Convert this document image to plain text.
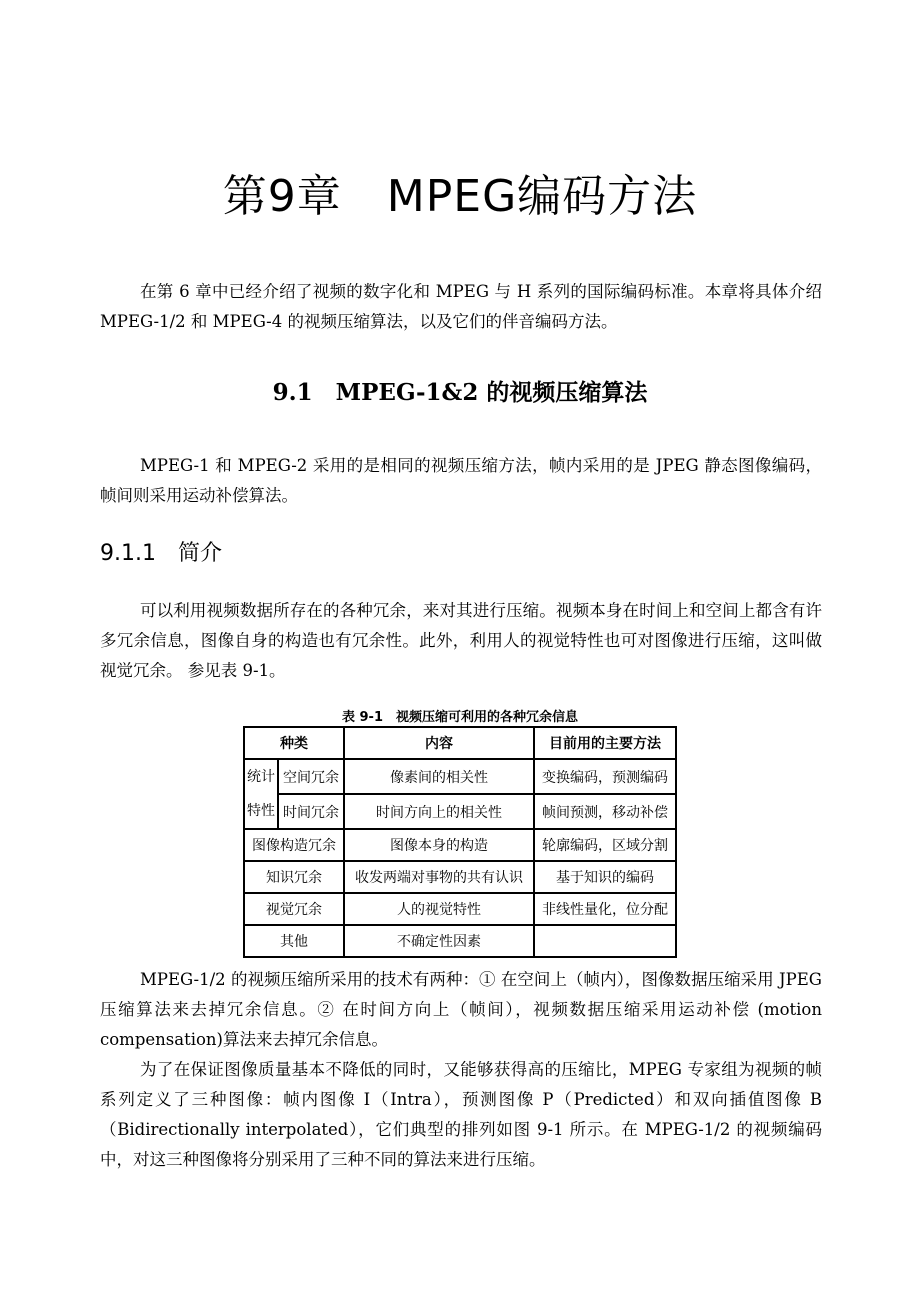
第9章　MPEG编码方法

在第 6 章中已经介绍了视频的数字化和 MPEG 与 H 系列的国际编码标准。本章将具体介绍 MPEG-1/2 和 MPEG-4 的视频压缩算法，以及它们的伴音编码方法。

9.1　MPEG-1&2 的视频压缩算法

MPEG-1 和 MPEG-2 采用的是相同的视频压缩方法，帧内采用的是 JPEG 静态图像编码，帧间则采用运动补偿算法。

9.1.1　简介

可以利用视频数据所存在的各种冗余，来对其进行压缩。视频本身在时间上和空间上都含有许多冗余信息，图像自身的构造也有冗余性。此外，利用人的视觉特性也可对图像进行压缩，这叫做视觉冗余。 参见表 9-1。

表 9-1　视频压缩可利用的各种冗余信息
种类		内容	目前用的主要方法
统计
特性	空间冗余	像素间的相关性	变换编码，预测编码
	时间冗余	时间方向上的相关性	帧间预测，移动补偿
图像构造冗余		图像本身的构造	轮廓编码，区域分割
知识冗余		收发两端对事物的共有认识	基于知识的编码
视觉冗余		人的视觉特性	非线性量化，位分配
其他		不确定性因素	

MPEG-1/2 的视频压缩所采用的技术有两种：① 在空间上（帧内），图像数据压缩采用 JPEG 压缩算法来去掉冗余信息。② 在时间方向上（帧间），视频数据压缩采用运动补偿 (motion compensation)算法来去掉冗余信息。

为了在保证图像质量基本不降低的同时，又能够获得高的压缩比，MPEG 专家组为视频的帧系列定义了三种图像：帧内图像 I（Intra），预测图像 P（Predicted）和双向插值图像 B（Bidirectionally interpolated），它们典型的排列如图 9-1 所示。在 MPEG-1/2 的视频编码中，对这三种图像将分别采用了三种不同的算法来进行压缩。
